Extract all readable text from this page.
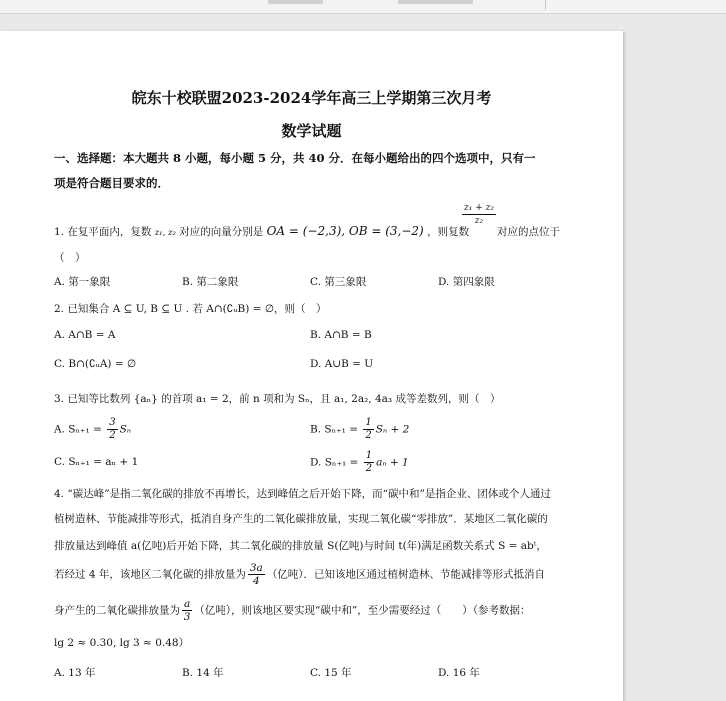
皖东十校联盟2023-2024学年高三上学期第三次月考
数学试题
一、选择题：本大题共 8 小题，每小题 5 分，共 40 分．在每小题给出的四个选项中，只有一
项是符合题目要求的．
$\frac{\text{z₁ + z₂}}{\text{z₂}}$
1. 在复平面内，复数 z₁, z₂ 对应的向量分别是 OA = (−2,3), OB = (3,−2) ，则复数	对应的点位于
（　）
A. 第一象限	B. 第二象限	C. 第三象限	D. 第四象限
2. 已知集合 A ⊆ U, B ⊆ U . 若 A∩(∁ᵤB) = ∅，则（　）
A. A∩B = A	B. A∩B = B
C. B∩(∁ᵤA) = ∅	D. A∪B = U
3. 已知等比数列 {aₙ} 的首项 a₁ = 2，前 n 项和为 Sₙ，且 a₁, 2a₂, 4a₃ 成等差数列，则（　）
A. $S_{n+1} = \frac{3}{2}$ Sₙ	B. $S_{n+1} = \frac{1}{2}$ Sₙ + 2
C. Sₙ₊₁ = aₙ + 1	D. $S_{n+1} = \frac{1}{2}$ aₙ + 1
4. “碳达峰”是指二氧化碳的排放不再增长，达到峰值之后开始下降，而“碳中和”是指企业、团体或个人通过
植树造林、节能减排等形式，抵消自身产生的二氧化碳排放量，实现二氧化碳“零排放”．某地区二氧化碳的
排放量达到峰值 a(亿吨)后开始下降，其二氧化碳的排放量 S(亿吨)与时间 t(年)满足函数关系式 S = abᵗ，
若经过 4 年，该地区二氧化碳的排放量为 $\frac{3a}{4}$ （亿吨）．已知该地区通过植树造林、节能减排等形式抵消自
身产生的二氧化碳排放量为 $\frac{a}{3}$ （亿吨），则该地区要实现“碳中和”，至少需要经过（　　）（参考数据：
lg 2 ≈ 0.30, lg 3 ≈ 0.48）
A. 13 年	B. 14 年	C. 15 年	D. 16 年
